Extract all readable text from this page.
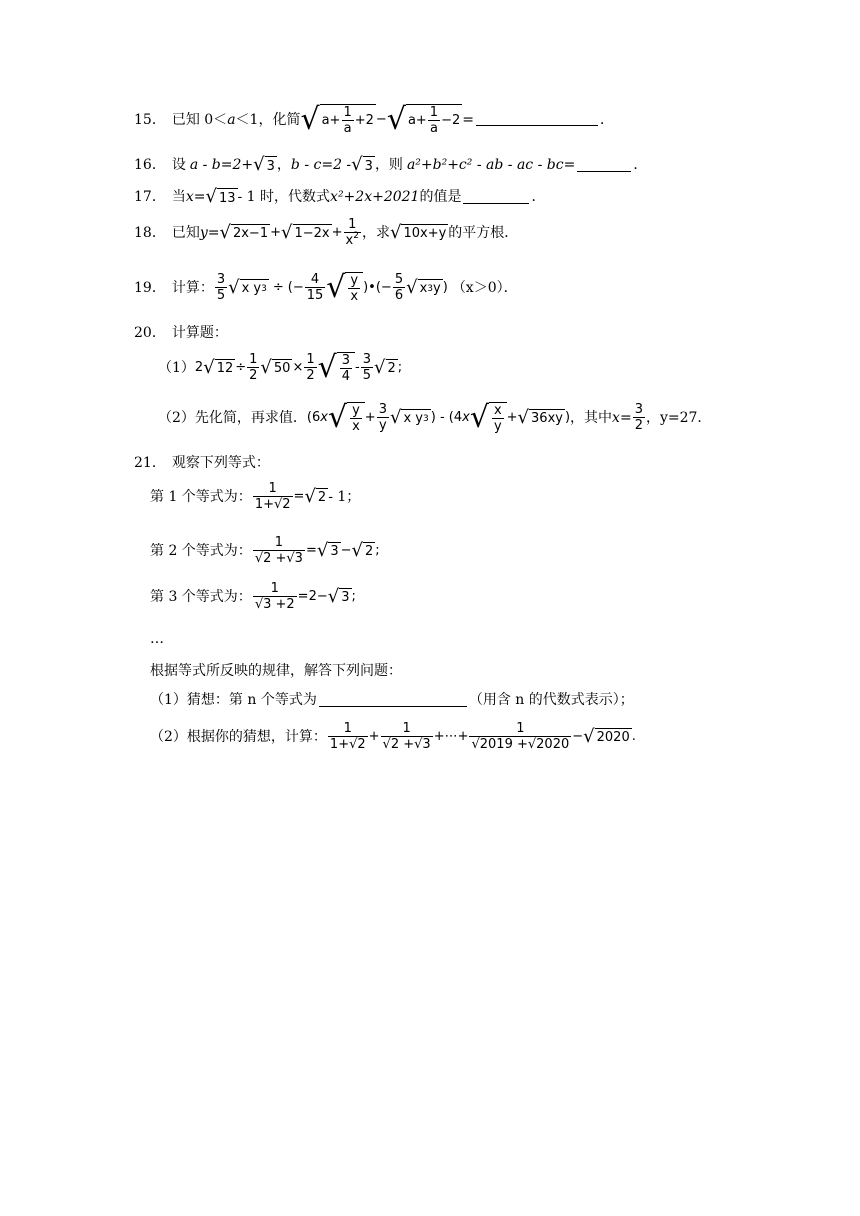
15． 已知 0＜ a ＜1，化简 √ $a+ \frac{1}{a} +2$ − √ $a+ \frac{1}{a} -2$ =	．
16． 设 a - b=2+ √ 3 ， b - c=2 - √ 3 ，则 a²+b²+c² - ab - ac - bc=	．
17． 当 x = √ 13 - 1 时，代数式 x²+2x+2021 的值是	．
18． 已知 y = √ 2x−1 + √ $1-2x + \frac{1}{x^2}$ ，求 √ 10x+y 的平方根．
19． 计算： $\frac{3}{5}$ √ x y 3 ÷ (− $\frac{4}{15}$ √ $\frac{y}{x}$ )•(− $\frac{5}{6}$ √ x 3 y ) （x＞0）．
20． 计算题：
（1） 2 √ $12 \div \frac{1}{2}$ √ $50 \times \frac{1}{2}$ √ $\frac{3}{4} - \frac{3}{5}$ √ 2 ;
（2） 先化简，再求值． (6x √ $\frac{y}{x} + \frac{3}{y}$ √ x y 3 ) - (4x √ $\frac{x}{y}$ + √ 36xy ) ，其中 $x= \frac{3}{2}$ ，y=27．
21． 观察下列等式：
第 1 个等式为： $\frac{1}{1+√2}$ = √ 2 - 1；
第 2 个等式为： $\frac{1}{√2 +√3}$ = √ 3 − √ 2 ;
第 3 个等式为： $\frac{1}{√3 +2} =2-$ √ 3 ;
…
根据等式所反映的规律，解答下列问题：
（1） 猜想：第 n 个等式为	（用含 n 的代数式表示）；
（2） 根据你的猜想，计算： $\frac{1}{1+√2} + \frac{1}{√2 +√3}$ +⋯+ $\frac{1}{√2019 +√2020}$ − √ 2020 .
